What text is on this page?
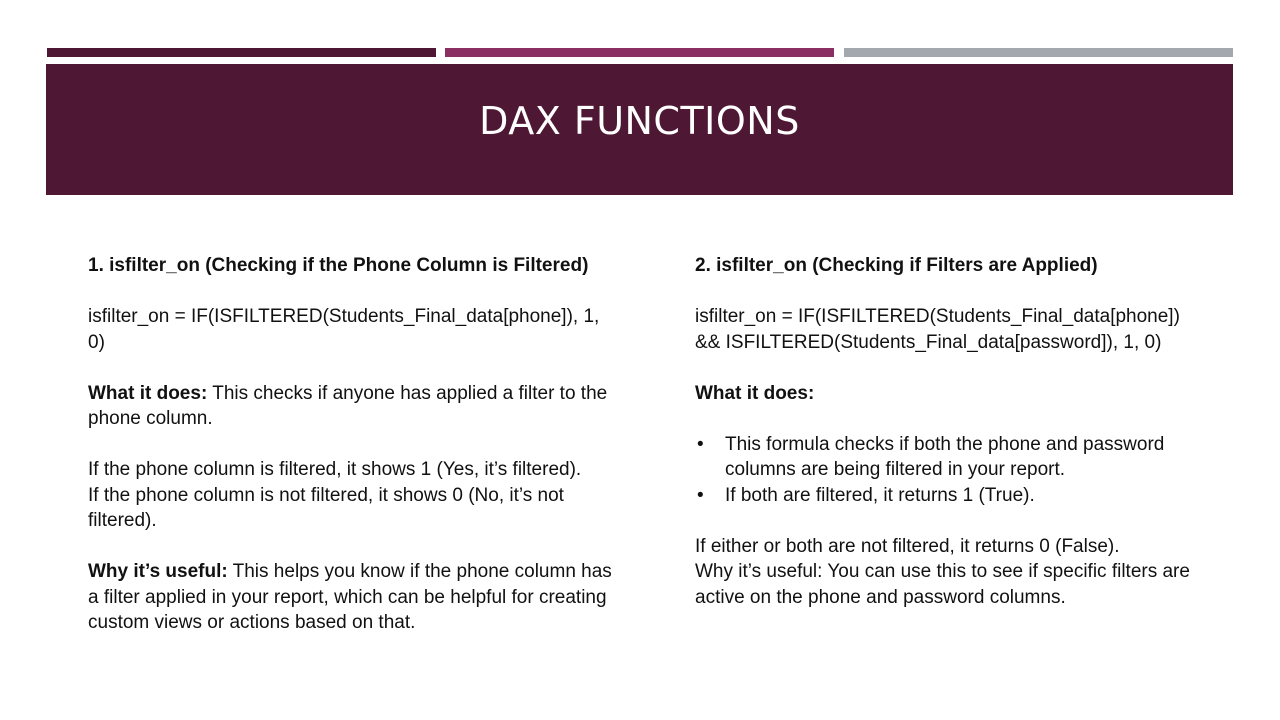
DAX FUNCTIONS

1. isfilter_on (Checking if the Phone Column is Filtered)

isfilter_on = IF(ISFILTERED(Students_Final_data[phone]), 1, 0)

What it does: This checks if anyone has applied a filter to the phone column.

If the phone column is filtered, it shows 1 (Yes, it’s filtered).

If the phone column is not filtered, it shows 0 (No, it’s not filtered).

Why it’s useful: This helps you know if the phone column has a filter applied in your report, which can be helpful for creating custom views or actions based on that.

2. isfilter_on (Checking if Filters are Applied)

isfilter_on = IF(ISFILTERED(Students_Final_data[phone]) && ISFILTERED(Students_Final_data[password]), 1, 0)

What it does:

• This formula checks if both the phone and password columns are being filtered in your report.
• If both are filtered, it returns 1 (True).

If either or both are not filtered, it returns 0 (False).

Why it’s useful: You can use this to see if specific filters are active on the phone and password columns.
